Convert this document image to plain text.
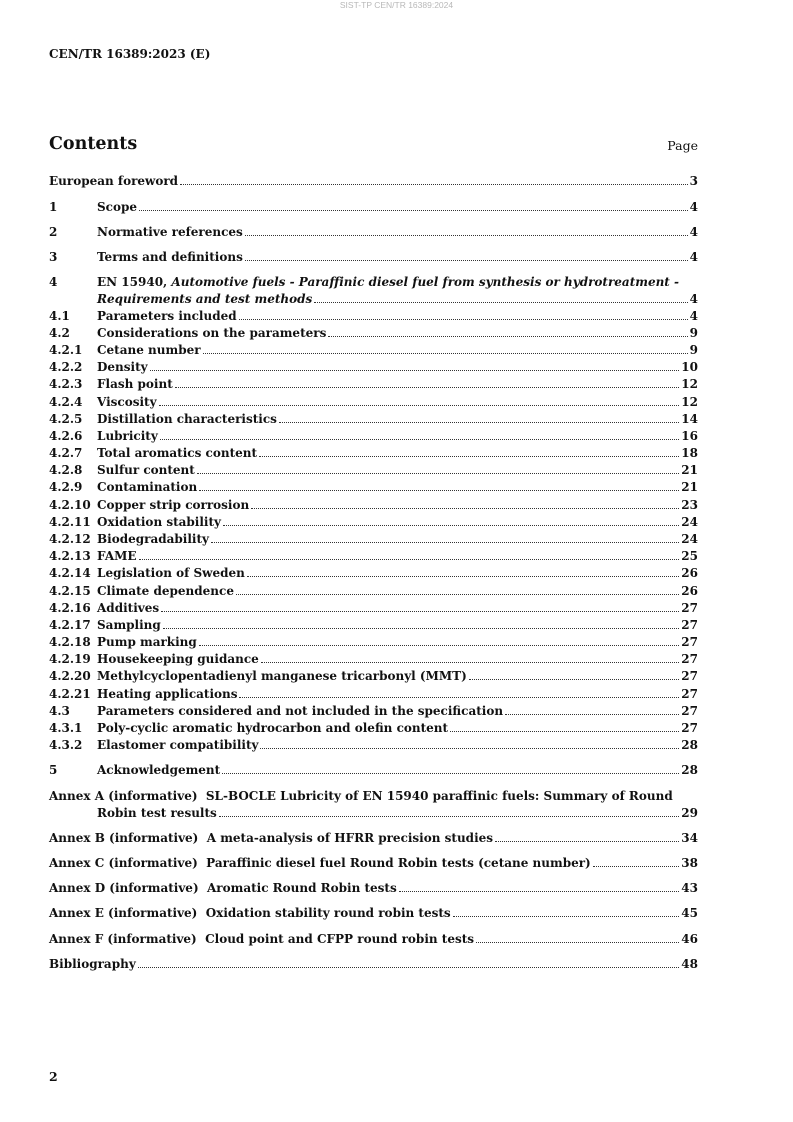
SIST-TP CEN/TR 16389:2024
CEN/TR 16389:2023 (E)
Contents	Page
European foreword	3
1	Scope	4
2	Normative references	4
3	Terms and definitions	4
4	EN 15940, Automotive fuels - Paraffinic diesel fuel from synthesis or hydrotreatment -
Requirements and test methods	4
4.1 Parameters included	4
4.2 Considerations on the parameters	9
4.2.1 Cetane number	9
4.2.2 Density	10
4.2.3 Flash point	12
4.2.4 Viscosity	12
4.2.5 Distillation characteristics	14
4.2.6 Lubricity	16
4.2.7 Total aromatics content	18
4.2.8 Sulfur content	21
4.2.9 Contamination	21
4.2.10 Copper strip corrosion	23
4.2.11 Oxidation stability	24
4.2.12 Biodegradability	24
4.2.13 FAME	25
4.2.14 Legislation of Sweden	26
4.2.15 Climate dependence	26
4.2.16 Additives	27
4.2.17 Sampling	27
4.2.18 Pump marking	27
4.2.19 Housekeeping guidance	27
4.2.20 Methylcyclopentadienyl manganese tricarbonyl (MMT)	27
4.2.21 Heating applications	27
4.3 Parameters considered and not included in the specification	27
4.3.1 Poly-cyclic aromatic hydrocarbon and olefin content	27
4.3.2 Elastomer compatibility	28
5	Acknowledgement	28
Annex A (informative) SL-BOCLE Lubricity of EN 15940 paraffinic fuels: Summary of Round
Robin test results	29
Annex B (informative) A meta-analysis of HFRR precision studies	34
Annex C (informative) Paraffinic diesel fuel Round Robin tests (cetane number)	38
Annex D (informative) Aromatic Round Robin tests	43
Annex E (informative) Oxidation stability round robin tests	45
Annex F (informative) Cloud point and CFPP round robin tests	46
Bibliography	48
2
